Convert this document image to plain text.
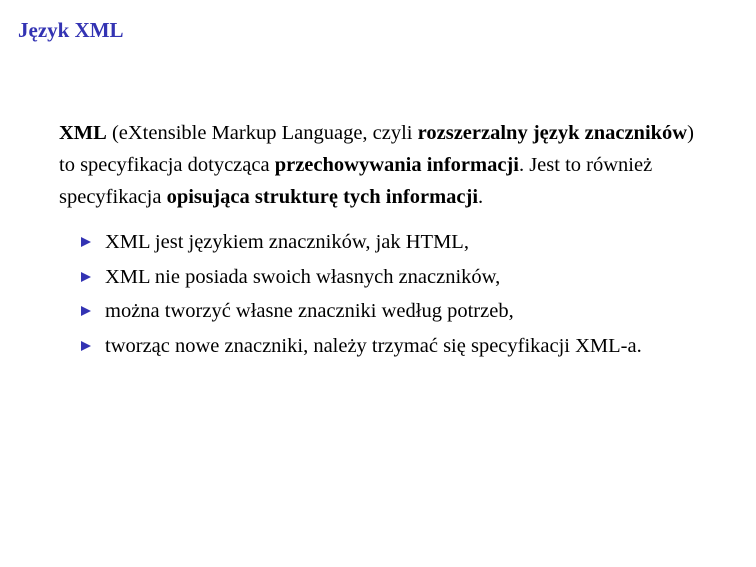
Język XML

XML (eXtensible Markup Language, czyli rozszerzalny język znaczników) to specyfikacja dotycząca przechowywania informacji. Jest to również specyfikacja opisująca strukturę tych informacji.

XML jest językiem znaczników, jak HTML,
XML nie posiada swoich własnych znaczników,
można tworzyć własne znaczniki według potrzeb,
tworząc nowe znaczniki, należy trzymać się specyfikacji XML-a.
